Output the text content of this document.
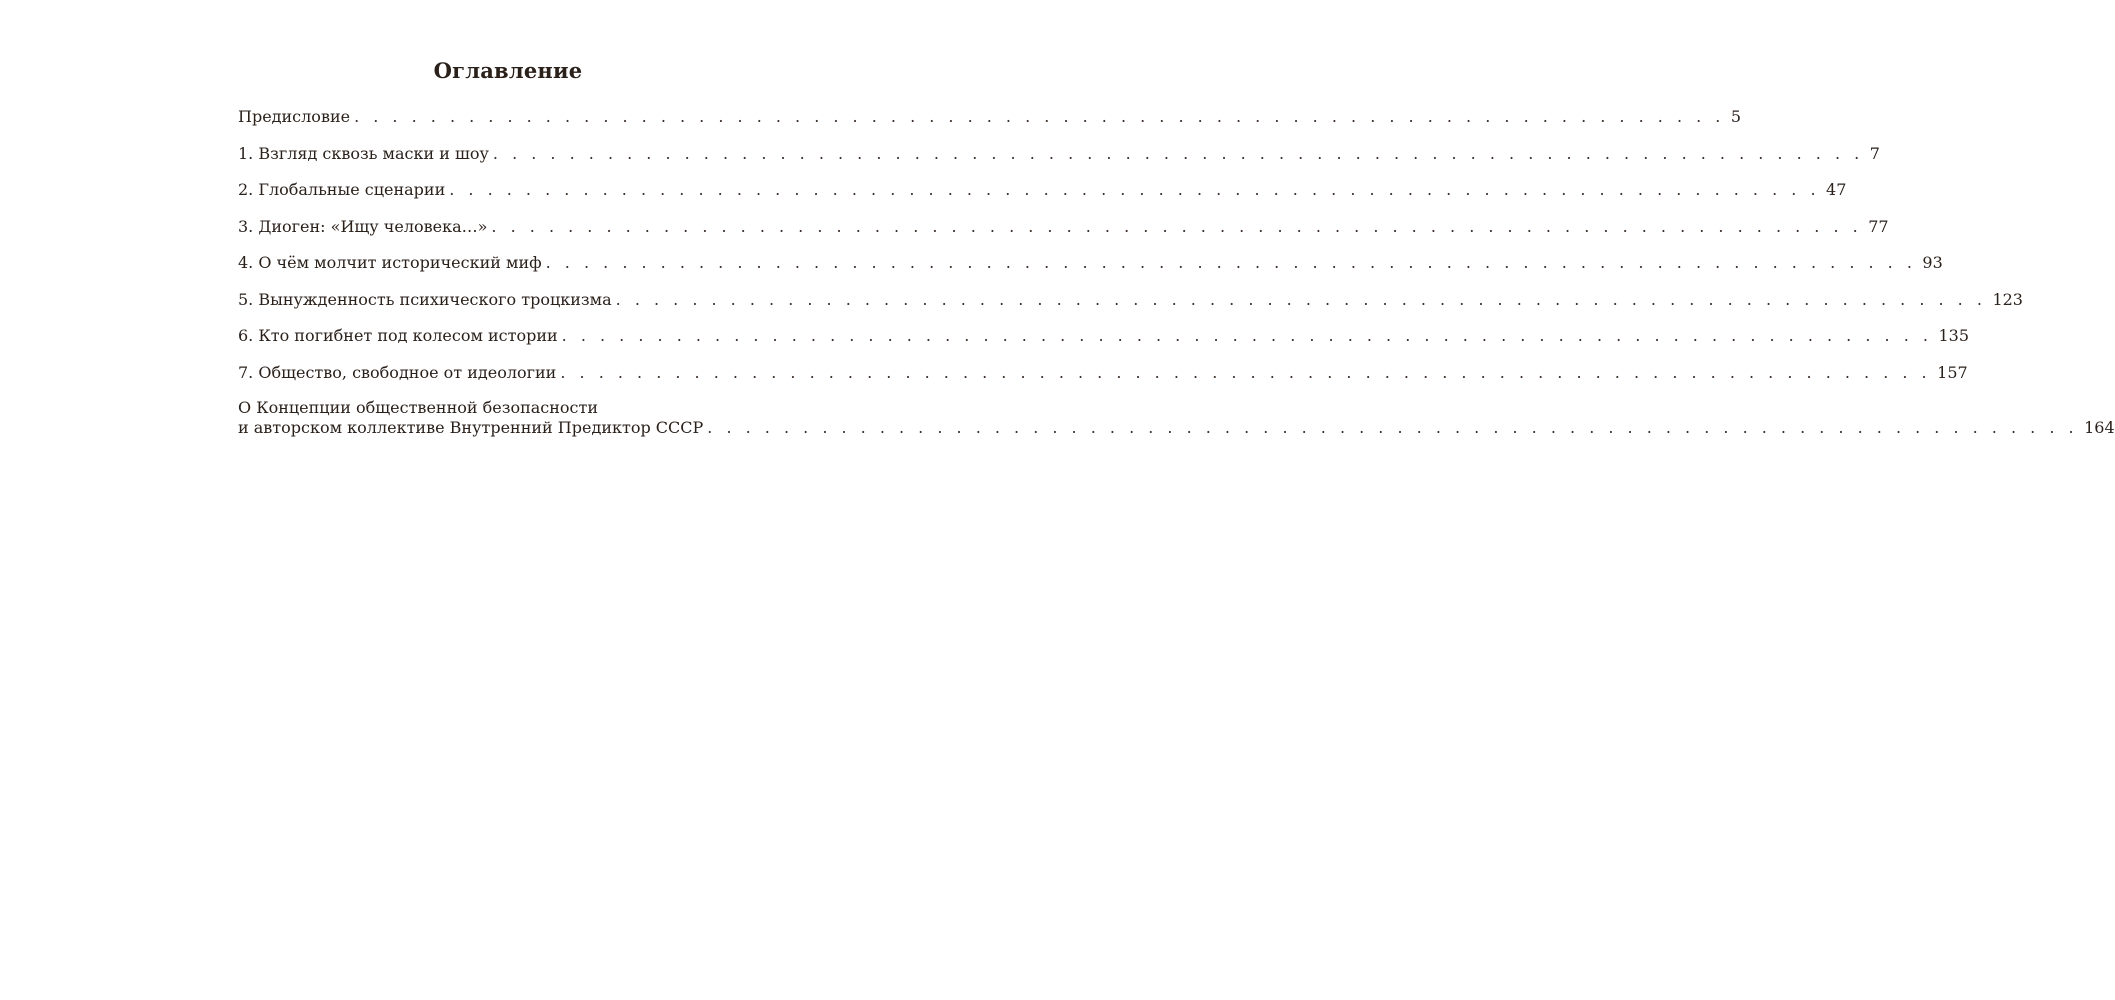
Оглавление
Предисловие . . . . . . . . . . . . . . . . . . . . . . . . . . . . . . . . . . . . . . . . . . . . . . . . . . . . . . . . . . . . . . . . . . . . . . . . 5
1. Взгляд сквозь маски и шоу . . . . . . . . . . . . . . . . . . . . . . . . . . . . . . . . . . . . . . . . . . . . . . . . . . . . . . . . . . . . . . . . . . . . . . . . 7
2. Глобальные сценарии . . . . . . . . . . . . . . . . . . . . . . . . . . . . . . . . . . . . . . . . . . . . . . . . . . . . . . . . . . . . . . . . . . . . . . . . 47
3. Диоген: «Ищу человека…» . . . . . . . . . . . . . . . . . . . . . . . . . . . . . . . . . . . . . . . . . . . . . . . . . . . . . . . . . . . . . . . . . . . . . . . . 77
4. О чём молчит исторический миф . . . . . . . . . . . . . . . . . . . . . . . . . . . . . . . . . . . . . . . . . . . . . . . . . . . . . . . . . . . . . . . . . . . . . . . . 93
5. Вынужденность психического троцкизма . . . . . . . . . . . . . . . . . . . . . . . . . . . . . . . . . . . . . . . . . . . . . . . . . . . . . . . . . . . . . . . . . . . . . . . . 123
6. Кто погибнет под колесом истории . . . . . . . . . . . . . . . . . . . . . . . . . . . . . . . . . . . . . . . . . . . . . . . . . . . . . . . . . . . . . . . . . . . . . . . . 135
7. Общество, свободное от идеологии . . . . . . . . . . . . . . . . . . . . . . . . . . . . . . . . . . . . . . . . . . . . . . . . . . . . . . . . . . . . . . . . . . . . . . . . 157
О Концепции общественной безопасности
и авторском коллективе Внутренний Предиктор СССР . . . . . . . . . . . . . . . . . . . . . . . . . . . . . . . . . . . . . . . . . . . . . . . . . . . . . . . . . . . . . . . . . . . . . . . . 164
